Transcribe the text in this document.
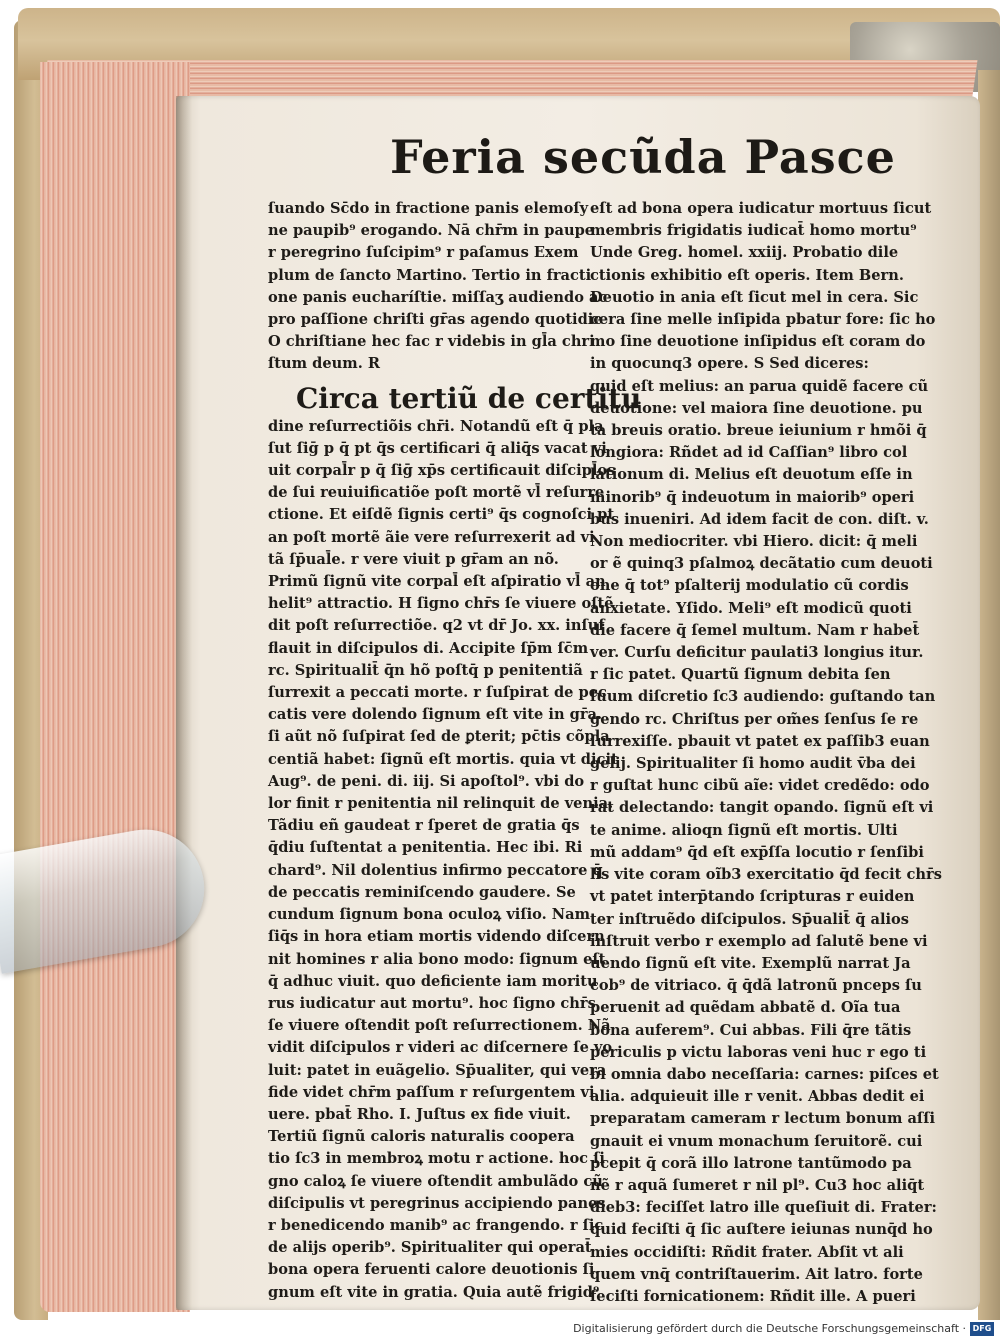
Feria secũda Pasce
ſuando Sc̄do in fractione panis elemoſy
ne paupib⁹ erogando. Nā chr̄m in paupe
r peregrino ſuſcipim⁹ r paſamus Exem
plum de ſancto Martino. Tertio in fracti
one panis eucharíſtie. miſſaʒ audiendo ac
pro paſſione chriſti gr̄as agendo quotidie
O chriſtiane hec fac r videbis in gl̄a chri
ſtum deum. R
Circa tertiũ de certitu
dine reſurrectiõis chr̄i. Notandũ eſt q̄ pla
ſut ſiḡ p q̄ pt q̄s certificari q̄ aliq̄s vacat vi
uit corpal̄r p q̄ ſiḡ xp̄s certificauit diſcipl̄os
de ſui reuiuificatiõe poſt mortẽ vl̄ reſurre
ctione. Et eiſdẽ ſignis certi⁹ q̄s cognoſci pt
an poſt mortẽ ãie vere reſurrexerit ad vi
tã ſp̄ual̄e. r vere viuit p gr̄am an nõ.
Primũ ſignũ vite corpal̄ eſt aſpiratio vl̄ an
helit⁹ attractio. H ſigno chr̄s ſe viuere oſtẽ
dit poſt reſurrectiõe. q2 vt dr̄ Jo. xx. inſuf
flauit in diſcipulos di. Accipite ſp̄m ſc̄m
rc. Spiritualit̄ q̄n hõ poſtq̄ p penitentiã
ſurrexit a peccati morte. r ſuſpirat de pec
catis vere dolendo ſignum eſt vite in gr̄a.
ſi aũt nõ ſuſpirat ſed de ꝑterit; pc̄tis cõpla
centiã habet: ſignũ eſt mortis. quia vt dicit
Aug⁹. de peni. di. iij. Si apoſtol⁹. vbi do
lor finit r penitentia nil relinquit de venia.
Tãdiu eñ gaudeat r ſperet de gratia q̄s
q̄diu ſuſtentat a penitentia. Hec ibi. Ri
chard⁹. Nil dolentius infirmo peccatore q̄
de peccatis reminiſcendo gaudere. Se
cundum ſignum bona oculoꝝ viſio. Nam
ſiq̄s in hora etiam mortis videndo diſcern
nit homines r alia bono modo: ſignum eſt
q̄ adhuc viuit. quo deficiente iam moritu
rus iudicatur aut mortu⁹. hoc ſigno chr̄s
ſe viuere oſtendit poſt reſurrectionem. Nã
vidit diſcipulos r videri ac diſcernere ſe vo
luit: patet in euãgelio. Sp̄ualiter, qui vera
fide videt chr̄m paſſum r reſurgentem vi
uere. pbat̄ Rho. I. Juſtus ex fide viuit.
Tertiũ ſignũ caloris naturalis coopera
tio ſc3 in membroꝝ motu r actione. hoc ſi
gno caloꝝ ſe viuere oſtendit ambulãdo cũ
diſcipulis vt peregrinus accipiendo panes
r benedicendo manib⁹ ac frangendo. r ſic
de alijs operib⁹. Spiritualiter qui operat̄
bona opera feruenti calore deuotionis ſi
gnum eſt vite in gratia. Quia autẽ frigid⁹
eſt ad bona opera iudicatur mortuus ſicut
membris frigidatis iudicat̄ homo mortu⁹
Unde Greg. homel. xxiij. Probatio dile
ctionis exhibitio eſt operis. Item Bern.
Deuotio in ania eſt ſicut mel in cera. Sic
cera ſine melle inſipida pbatur fore: ſic ho
mo ſine deuotione inſipidus eſt coram do
in quocunq3 opere. S Sed diceres:
quid eſt melius: an parua quidẽ facere cũ
deuotione: vel maiora ſine deuotione. pu
ta breuis oratio. breue ieiunium r hmõi q̄
longiora: Rñdet ad id Caſſian⁹ libro col
lationum di. Melius eſt deuotum eſſe in
minorib⁹ q̄ indeuotum in maiorib⁹ operi
bus inueniri. Ad idem facit de con. diſt. v.
Non mediocriter. vbi Hiero. dicit: q̄ meli
or ẽ quinq3 pſalmoꝝ decãtatio cum deuoti
one q̄ tot⁹ pſalterij modulatio cũ cordis
anxietate. Yſido. Meli⁹ eſt modicũ quoti
die facere q̄ ſemel multum. Nam r habet̄
ver. Curſu deficitur paulati3 longius itur.
r ſic patet. Quartũ ſignum debita ſen
ſuum diſcretio ſc3 audiendo: guſtando tan
gendo rc. Chriſtus per om̃es ſenſus ſe re
ſurrexiſſe. pbauit vt patet ex paſſib3 euan
gelij. Spiritualiter ſi homo audit v̄ba dei
r guſtat hunc cibũ aĩe: videt credẽdo: odo
rat delectando: tangit opando. ſignũ eſt vi
te anime. alioqn ſignũ eſt mortis. Ulti
mũ addam⁹ q̄d eſt exp̄ſſa locutio r ſenſibi
lis vite coram oĩb3 exercitatio q̄d fecit chr̄s
vt patet interp̄tando ſcripturas r euiden
ter inſtruẽdo diſcipulos. Sp̄ualit̄ q̄ alios
inſtruit verbo r exemplo ad ſalutẽ bene vi
uendo ſignũ eſt vite. Exemplũ narrat Ja
cob⁹ de vitriaco. q̄ q̄dã latronũ pnceps ſu
peruenit ad quẽdam abbatẽ d. Oĩa tua
bona auferem⁹. Cui abbas. Fili q̄re tãtis
periculis p victu laboras veni huc r ego ti
bi omnia dabo neceſſaria: carnes: piſces et
alia. adquieuit ille r venit. Abbas dedit ei
preparatam cameram r lectum bonum aſſi
gnauit ei vnum monachum ſeruitorẽ. cui
pcepit q̄ corã illo latrone tantũmodo pa
nẽ r aquã ſumeret r nil pl⁹. Cu3 hoc aliq̄t
dieb3: feciſſet latro ille queſiuit di. Frater:
quid feciſti q̄ ſic auſtere ieiunas nunq̄d ho
mies occidiſti: Rñdit frater. Abſit vt ali
quem vnq̄ contriſtauerim. Ait latro. forte
feciſti fornicationem: Rñdit ille. A pueri
Digitalisierung gefördert durch die Deutsche Forschungsgemeinschaft · DFG
